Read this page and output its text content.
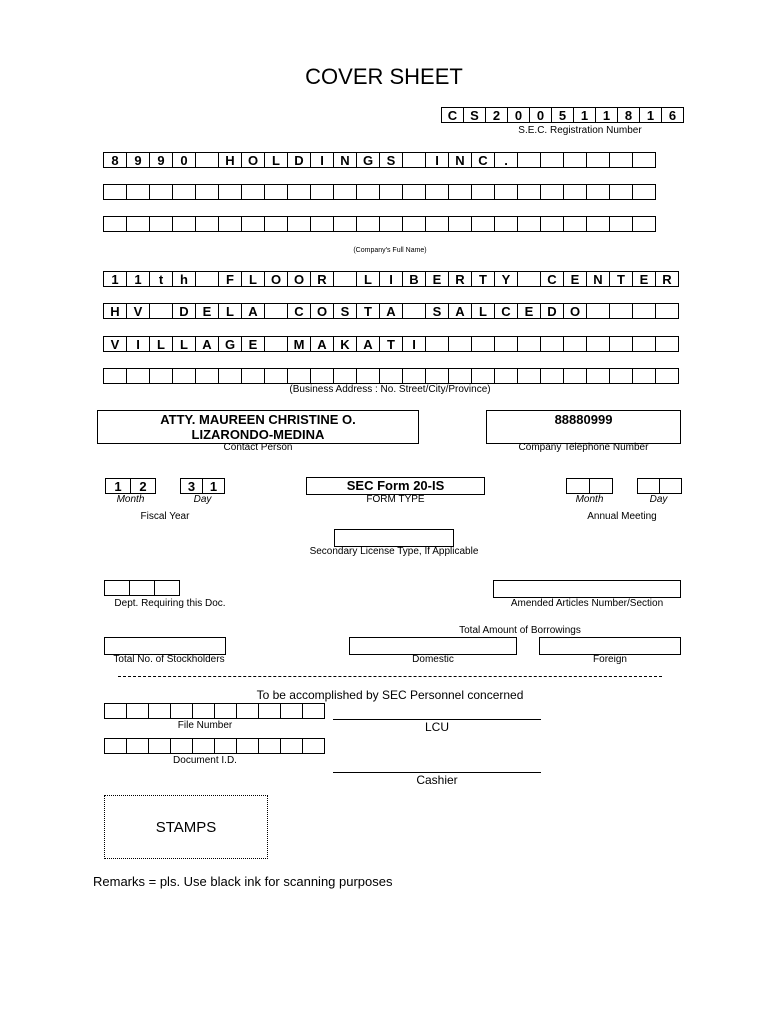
COVER SHEET
C S	2	0	0	5	1	1	8	1	6
S.E.C. Registration Number
8	9	9	0	H	O	L	D	I	N	G	S	I	N	C	.
(Company's Full Name)
1	1	t	h	F	L	O O	R	L	I	B	E	R	T	Y	C	E	N	T	E	R
H	V	D	E	L	A	C	O	S	T	A	S	A	L	C	E	D	O
V	I	L	L	A	G	E	M A	K	A	T	I
(Business Address : No. Street/City/Province)
ATTY. MAUREEN CHRISTINE O.
LIZARONDO-MEDINA
Contact Person
88880999
Company Telephone Number
1	2	3	1
Month	Day
Fiscal Year
SEC Form 20-IS
FORM TYPE	Month	Day
Annual Meeting
Secondary License Type, If Applicable
Dept. Requiring this Doc.	Amended Articles Number/Section
Total Amount of Borrowings
Total No. of Stockholders	Domestic	Foreign
To be accomplished by SEC Personnel concerned
File Number
Document I.D.
LCU
Cashier
STAMPS
Remarks = pls. Use black ink for scanning purposes
